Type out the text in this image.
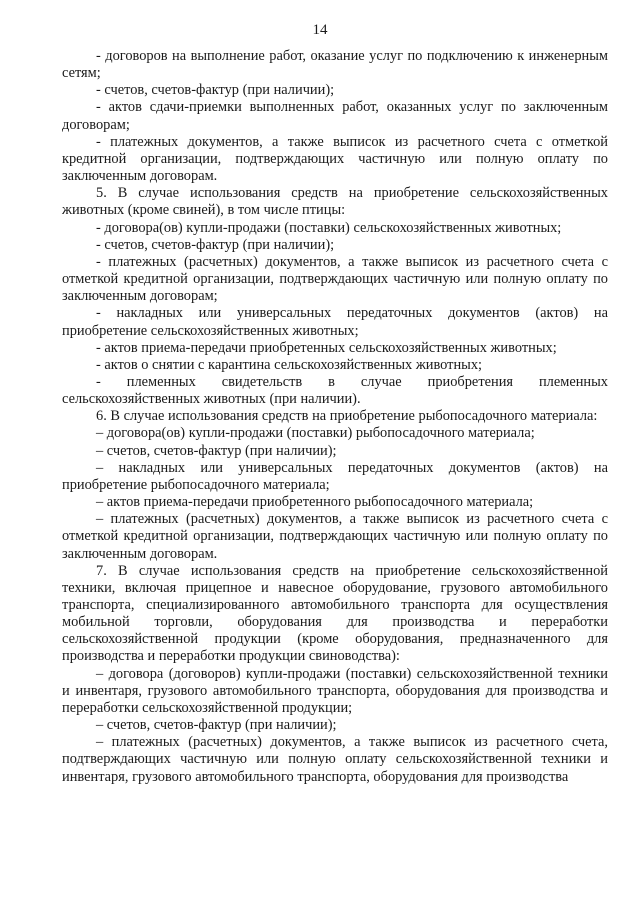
14

- договоров на выполнение работ, оказание услуг по подключению к инженерным сетям;

- счетов, счетов-фактур (при наличии);

- актов сдачи-приемки выполненных работ, оказанных услуг по заключенным договорам;

- платежных документов, а также выписок из расчетного счета с отметкой кредитной организации, подтверждающих частичную или полную оплату по заключенным договорам.

5. В случае использования средств на приобретение сельскохозяйственных животных (кроме свиней), в том числе птицы:

- договора(ов) купли-продажи (поставки) сельскохозяйственных животных;

- счетов, счетов-фактур (при наличии);

- платежных (расчетных) документов, а также выписок из расчетного счета с отметкой кредитной организации, подтверждающих частичную или полную оплату по заключенным договорам;

- накладных или универсальных передаточных документов (актов) на приобретение сельскохозяйственных животных;

- актов приема-передачи приобретенных сельскохозяйственных животных;

- актов о снятии с карантина сельскохозяйственных животных;

- племенных свидетельств в случае приобретения племенных сельскохозяйственных животных (при наличии).

6. В случае использования средств на приобретение рыбопосадочного материала:

– договора(ов) купли-продажи (поставки) рыбопосадочного материала;

– счетов, счетов-фактур (при наличии);

– накладных или универсальных передаточных документов (актов) на приобретение рыбопосадочного материала;

– актов приема-передачи приобретенного рыбопосадочного материала;

– платежных (расчетных) документов, а также выписок из расчетного счета с отметкой кредитной организации, подтверждающих частичную или полную оплату по заключенным договорам.

7. В случае использования средств на приобретение сельскохозяйственной техники, включая прицепное и навесное оборудование, грузового автомобильного транспорта, специализированного автомобильного транспорта для осуществления мобильной торговли, оборудования для производства и переработки сельскохозяйственной продукции (кроме оборудования, предназначенного для производства и переработки продукции свиноводства):

– договора (договоров) купли-продажи (поставки) сельскохозяйственной техники и инвентаря, грузового автомобильного транспорта, оборудования для производства и переработки сельскохозяйственной продукции;

– счетов, счетов-фактур (при наличии);

– платежных (расчетных) документов, а также выписок из расчетного счета, подтверждающих частичную или полную оплату сельскохозяйственной техники и инвентаря, грузового автомобильного транспорта, оборудования для производства
